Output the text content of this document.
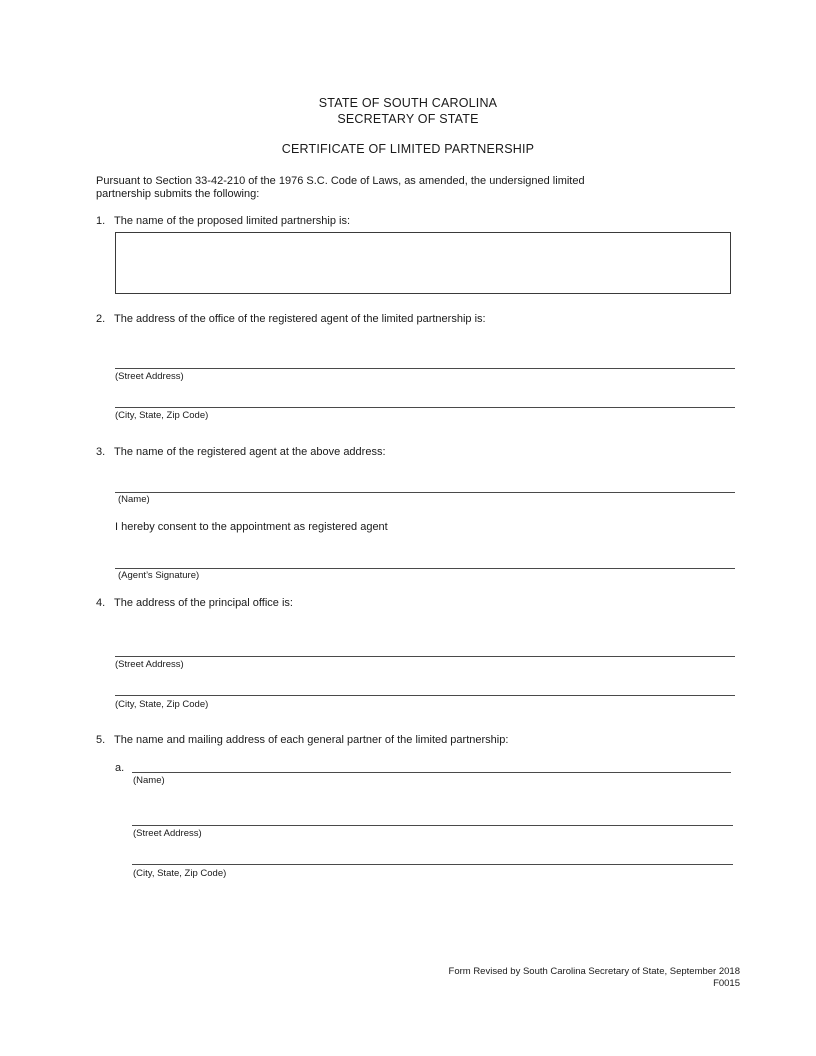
STATE OF SOUTH CAROLINA
SECRETARY OF STATE
CERTIFICATE OF LIMITED PARTNERSHIP
Pursuant to Section 33-42-210 of the 1976 S.C. Code of Laws, as amended, the undersigned limited
partnership submits the following:
1. The name of the proposed limited partnership is:
2. The address of the office of the registered agent of the limited partnership is:
(Street Address)
(City, State, Zip Code)
3. The name of the registered agent at the above address:
(Name)
I hereby consent to the appointment as registered agent
(Agent’s Signature)
4. The address of the principal office is:
(Street Address)
(City, State, Zip Code)
5. The name and mailing address of each general partner of the limited partnership:
a.
(Name)
(Street Address)
(City, State, Zip Code)
Form Revised by South Carolina Secretary of State, September 2018
F0015
